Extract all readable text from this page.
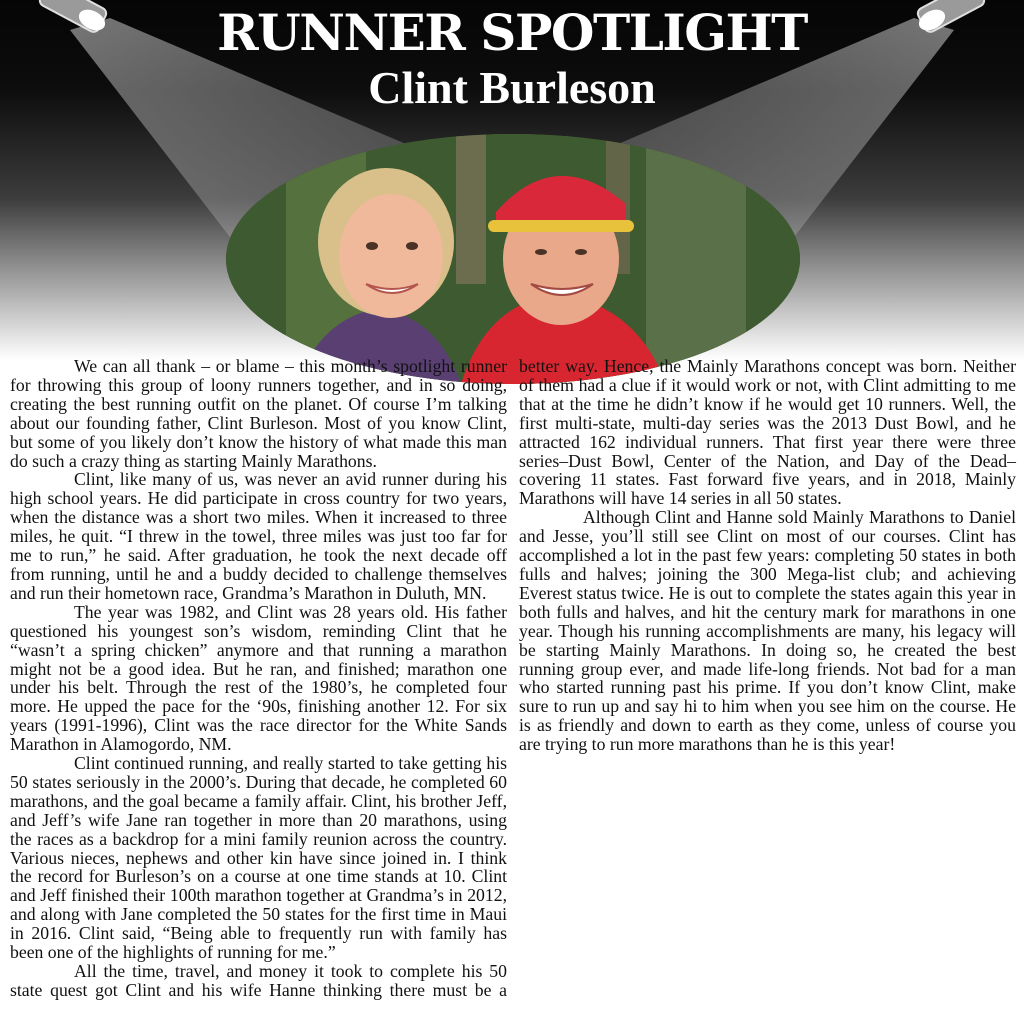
RUNNER SPOTLIGHT
Clint Burleson

We can all thank – or blame – this month’s spotlight runner for throwing this group of loony runners together, and in so doing, creating the best running outfit on the planet. Of course I’m talking about our founding father, Clint Burleson. Most of you know Clint, but some of you likely don’t know the history of what made this man do such a crazy thing as starting Mainly Marathons.

Clint, like many of us, was never an avid runner during his high school years. He did participate in cross country for two years, when the distance was a short two miles. When it increased to three miles, he quit. “I threw in the towel, three miles was just too far for me to run,” he said. After graduation, he took the next decade off from running, until he and a buddy decided to challenge themselves and run their hometown race, Grandma’s Marathon in Duluth, MN.

The year was 1982, and Clint was 28 years old. His father questioned his youngest son’s wisdom, reminding Clint that he “wasn’t a spring chicken” anymore and that running a marathon might not be a good idea. But he ran, and finished; marathon one under his belt. Through the rest of the 1980’s, he completed four more. He upped the pace for the ‘90s, finishing another 12. For six years (1991-1996), Clint was the race director for the White Sands Marathon in Alamogordo, NM.

Clint continued running, and really started to take getting his 50 states seriously in the 2000’s. During that decade, he completed 60 marathons, and the goal became a family affair. Clint, his brother Jeff, and Jeff’s wife Jane ran together in more than 20 marathons, using the races as a backdrop for a mini family reunion across the country. Various nieces, nephews and other kin have since joined in. I think the record for Burleson’s on a course at one time stands at 10. Clint and Jeff finished their 100th marathon together at Grandma’s in 2012, and along with Jane completed the 50 states for the first time in Maui in 2016. Clint said, “Being able to frequently run with family has been one of the highlights of running for me.”

All the time, travel, and money it took to complete his 50 state quest got Clint and his wife Hanne thinking there must be a better way. Hence, the Mainly Marathons concept was born. Neither of them had a clue if it would work or not, with Clint admitting to me that at the time he didn’t know if he would get 10 runners. Well, the first multi-state, multi-day series was the 2013 Dust Bowl, and he attracted 162 individual runners. That first year there were three series–Dust Bowl, Center of the Nation, and Day of the Dead–covering 11 states. Fast forward five years, and in 2018, Mainly Marathons will have 14 series in all 50 states.

Although Clint and Hanne sold Mainly Marathons to Daniel and Jesse, you’ll still see Clint on most of our courses. Clint has accomplished a lot in the past few years: completing 50 states in both fulls and halves; joining the 300 Mega-list club; and achieving Everest status twice. He is out to complete the states again this year in both fulls and halves, and hit the century mark for marathons in one year. Though his running accomplishments are many, his legacy will be starting Mainly Marathons. In doing so, he created the best running group ever, and made life-long friends. Not bad for a man who started running past his prime. If you don’t know Clint, make sure to run up and say hi to him when you see him on the course. He is as friendly and down to earth as they come, unless of course you are trying to run more marathons than he is this year!
